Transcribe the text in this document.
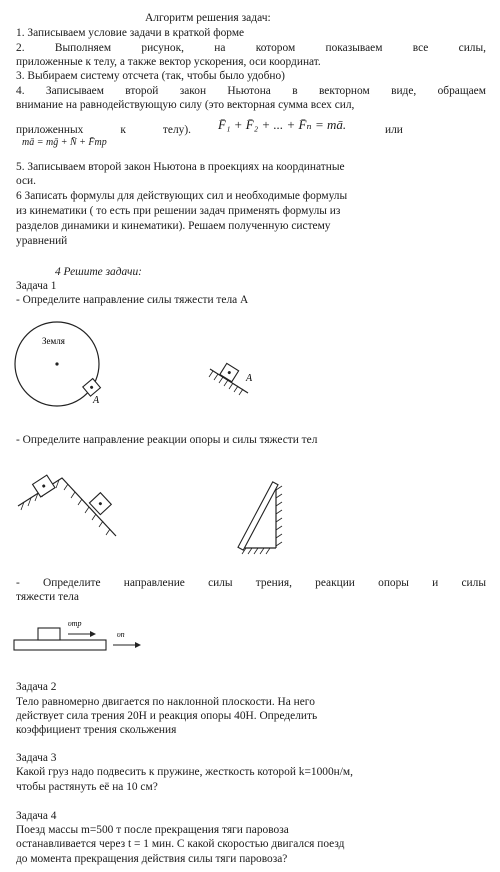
Алгоритм решения задач:
1. Записываем условие задачи в краткой форме
2.	Выполняем	рисунок,	на	котором	показываем	все	силы,
приложенные к телу, а также вектор ускорения, оси координат.
3. Выбираем систему отсчета (так, чтобы было удобно)
4. Записываем второй закон Ньютона в векторном виде, обращаем
внимание на равнодействующую силу (это векторная сумма всех сил,
приложенных	к	телу). F̄₁ + F̄₂ + ... + F̄ₙ = mā.	или
mā = mḡ + N̄ + F̄тр
5. Записываем второй закон Ньютона в проекциях на координатные
оси.
6 Записать формулы для действующих сил и необходимые формулы
из кинематики ( то есть при решении задач применять формулы из
разделов динамики и кинематики). Решаем полученную систему
уравнений
4 Решите задачи:
Задача 1
- Определите направление силы тяжести тела А
Земля
A
A
- Определите направление реакции опоры и силы тяжести тел
- Определите направление силы трения, реакции опоры и силы
тяжести тела
υтр
υп
Задача 2
Тело равномерно двигается по наклонной плоскости. На него
действует сила трения 20Н и реакция опоры 40Н. Определить
коэффициент трения скольжения
Задача 3
Какой груз надо подвесить к пружине, жесткость которой k=1000н/м,
чтобы растянуть её на 10 см?
Задача 4
Поезд массы m=500 т после прекращения тяги паровоза
останавливается через t = 1 мин. С какой скоростью двигался поезд
до момента прекращения действия силы тяги паровоза?
